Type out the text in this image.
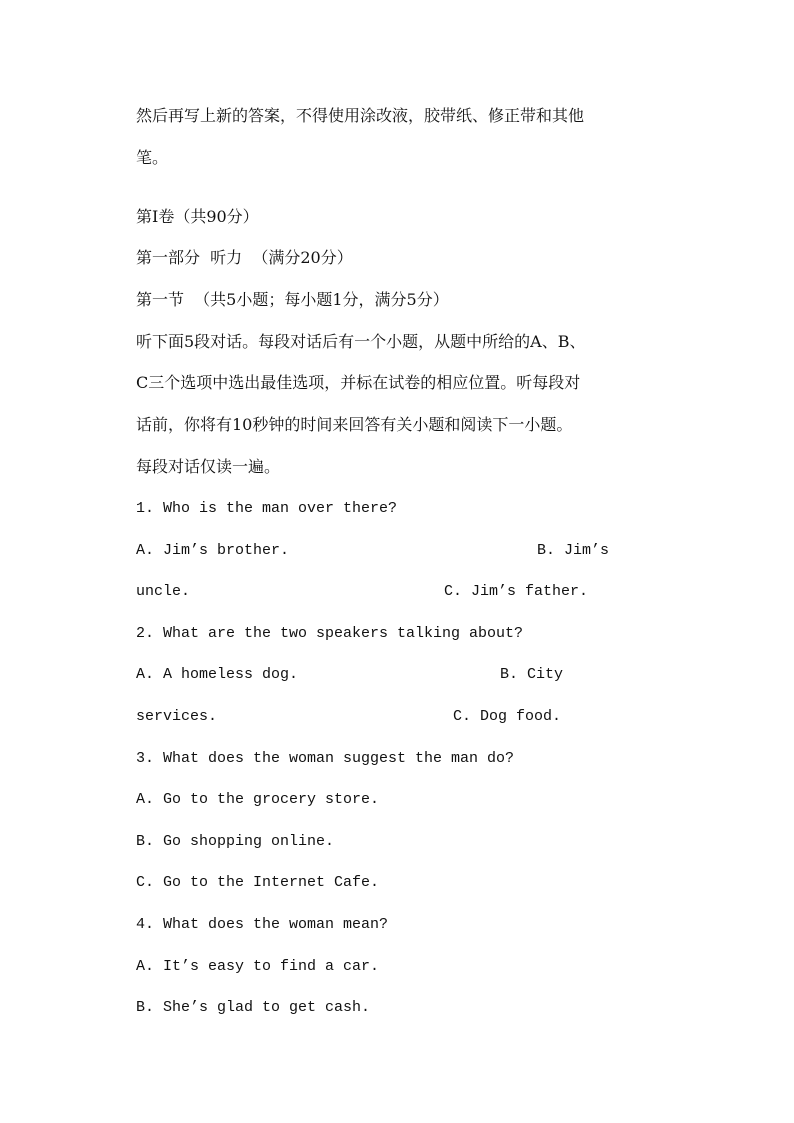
然后再写上新的答案，不得使用涂改液，胶带纸、修正带和其他
笔。
第Ⅰ卷（共90分）
第一部分  听力  （满分20分）
第一节  （共5小题；每小题1分，满分5分）
听下面5段对话。每段对话后有一个小题，从题中所给的A、B、
C三个选项中选出最佳选项，并标在试卷的相应位置。听每段对
话前，你将有10秒钟的时间来回答有关小题和阅读下一小题。
每段对话仅读一遍。
1. Who is the man over there?
A. Jim’s brother.	B. Jim’s
uncle.	C. Jim’s father.
2. What are the two speakers talking about?
A. A homeless dog.	B. City
services.	C. Dog food.
3. What does the woman suggest the man do?
A. Go to the grocery store.
B. Go shopping online.
C. Go to the Internet Cafe.
4. What does the woman mean?
A. It’s easy to find a car.
B. She’s glad to get cash.
